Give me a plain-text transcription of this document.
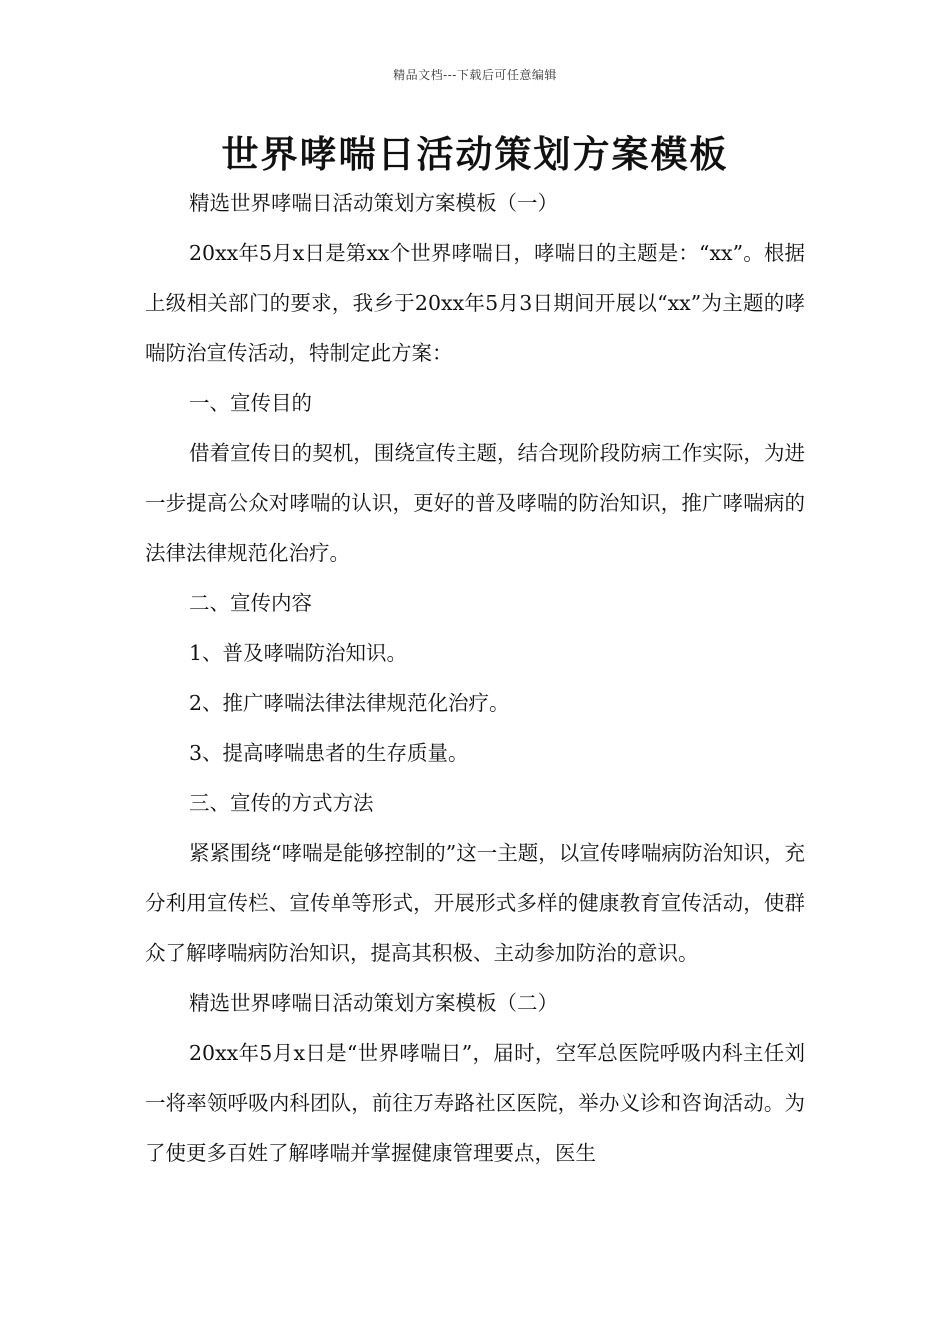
精品文档---下载后可任意编辑
世界哮喘日活动策划方案模板

精选世界哮喘日活动策划方案模板（一）

20xx年5月x日是第xx个世界哮喘日，哮喘日的主题是：“xx”。根据上级相关部门的要求，我乡于20xx年5月3日期间开展以“xx”为主题的哮喘防治宣传活动，特制定此方案：

一、宣传目的

借着宣传日的契机，围绕宣传主题，结合现阶段防病工作实际，为进一步提高公众对哮喘的认识，更好的普及哮喘的防治知识，推广哮喘病的法律法律规范化治疗。

二、宣传内容

1、普及哮喘防治知识。

2、推广哮喘法律法律规范化治疗。

3、提高哮喘患者的生存质量。

三、宣传的方式方法

紧紧围绕“哮喘是能够控制的”这一主题，以宣传哮喘病防治知识，充分利用宣传栏、宣传单等形式，开展形式多样的健康教育宣传活动，使群众了解哮喘病防治知识，提高其积极、主动参加防治的意识。

精选世界哮喘日活动策划方案模板（二）

20xx年5月x日是“世界哮喘日”，届时，空军总医院呼吸内科主任刘一将率领呼吸内科团队，前往万寿路社区医院，举办义诊和咨询活动。为了使更多百姓了解哮喘并掌握健康管理要点，医生
